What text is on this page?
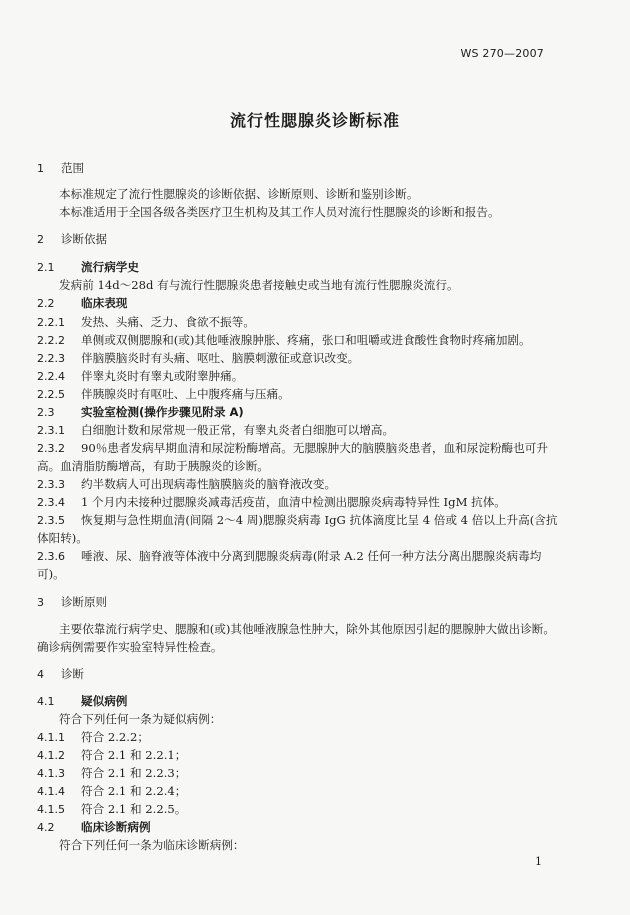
WS 270—2007
流行性腮腺炎诊断标准
1 范围
本标准规定了流行性腮腺炎的诊断依据、诊断原则、诊断和鉴别诊断。
本标准适用于全国各级各类医疗卫生机构及其工作人员对流行性腮腺炎的诊断和报告。
2 诊断依据
2.1 流行病学史
发病前 14d～28d 有与流行性腮腺炎患者接触史或当地有流行性腮腺炎流行。
2.2 临床表现
2.2.1 发热、头痛、乏力、食欲不振等。
2.2.2 单侧或双侧腮腺和(或)其他唾液腺肿胀、疼痛，张口和咀嚼或进食酸性食物时疼痛加剧。
2.2.3 伴脑膜脑炎时有头痛、呕吐、脑膜刺激征或意识改变。
2.2.4 伴睾丸炎时有睾丸或附睾肿痛。
2.2.5 伴胰腺炎时有呕吐、上中腹疼痛与压痛。
2.3 实验室检测(操作步骤见附录 A)
2.3.1 白细胞计数和尿常规一般正常，有睾丸炎者白细胞可以增高。
2.3.2 90％患者发病早期血清和尿淀粉酶增高。无腮腺肿大的脑膜脑炎患者，血和尿淀粉酶也可升
高。血清脂肪酶增高，有助于胰腺炎的诊断。
2.3.3 约半数病人可出现病毒性脑膜脑炎的脑脊液改变。
2.3.4 1 个月内未接种过腮腺炎减毒活疫苗，血清中检测出腮腺炎病毒特异性 IgM 抗体。
2.3.5 恢复期与急性期血清(间隔 2～4 周)腮腺炎病毒 IgG 抗体滴度比呈 4 倍或 4 倍以上升高(含抗
体阳转)。
2.3.6 唾液、尿、脑脊液等体液中分离到腮腺炎病毒(附录 A.2 任何一种方法分离出腮腺炎病毒均
可)。
3 诊断原则
主要依靠流行病学史、腮腺和(或)其他唾液腺急性肿大，除外其他原因引起的腮腺肿大做出诊断。
确诊病例需要作实验室特异性检查。
4 诊断
4.1 疑似病例
符合下列任何一条为疑似病例：
4.1.1 符合 2.2.2；
4.1.2 符合 2.1 和 2.2.1；
4.1.3 符合 2.1 和 2.2.3；
4.1.4 符合 2.1 和 2.2.4；
4.1.5 符合 2.1 和 2.2.5。
4.2 临床诊断病例
符合下列任何一条为临床诊断病例：
1
